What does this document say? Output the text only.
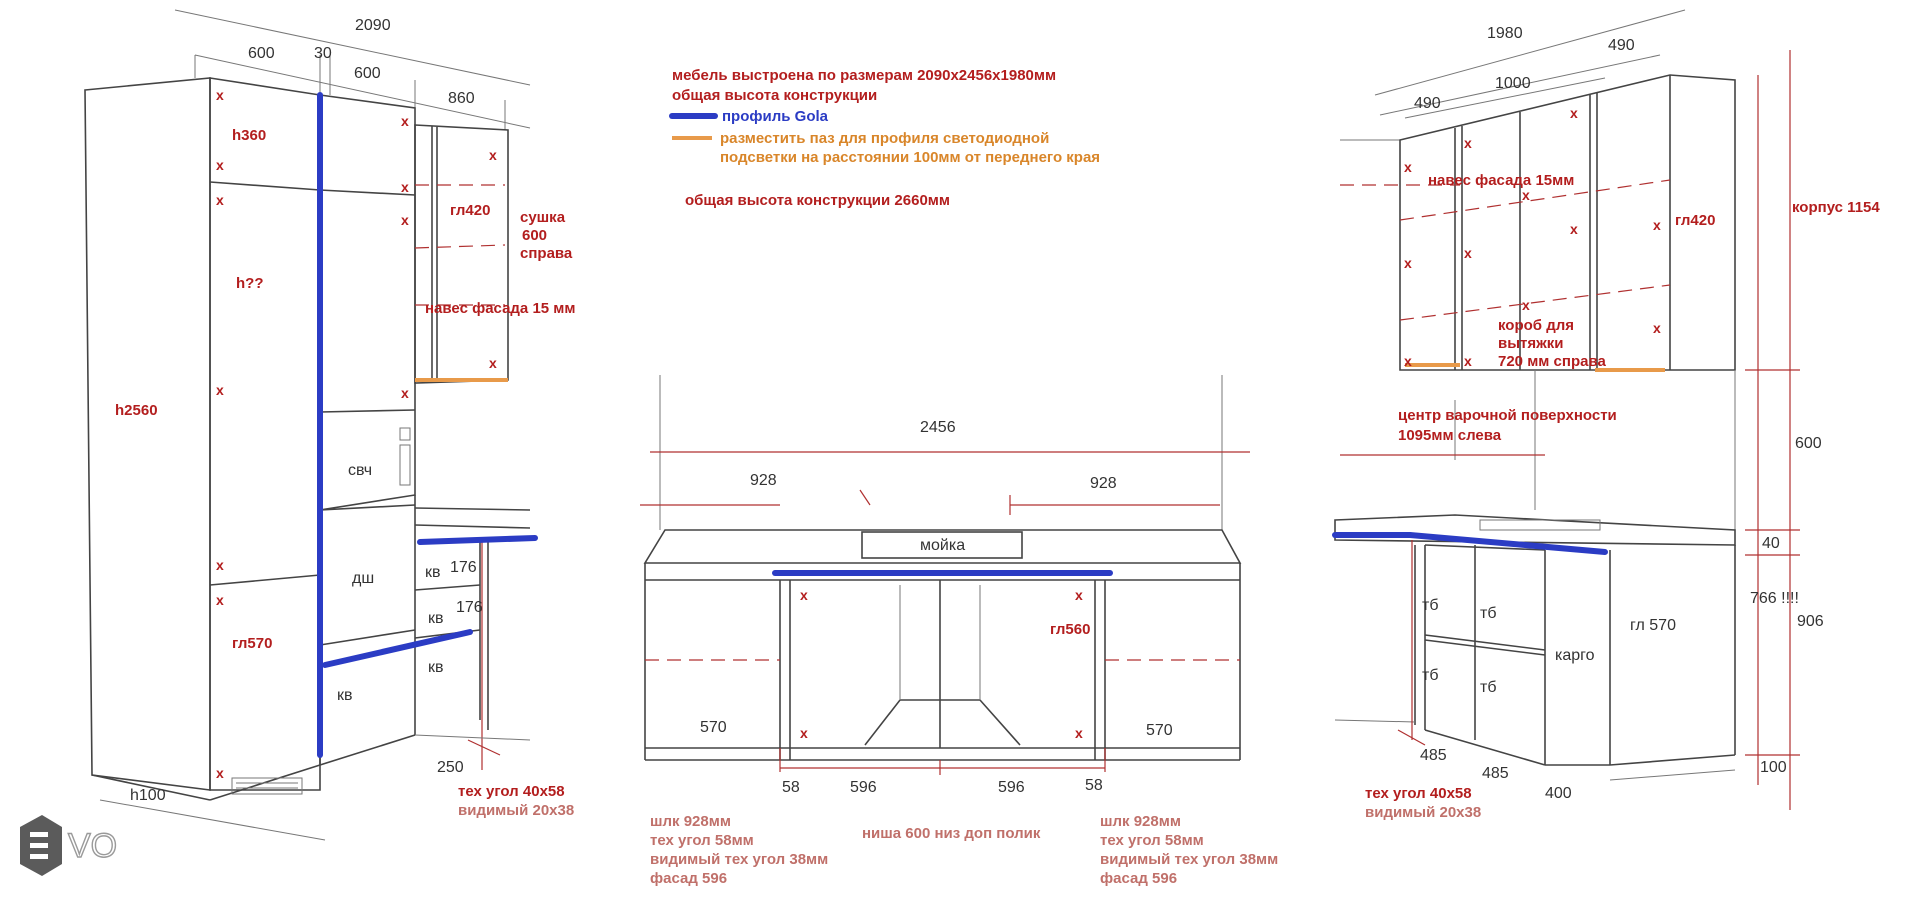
2090
600 30
600
860
h360
h??
h2560
гл570
h100
свч
дш
кв
кв
кв
кв
176
176
гл420 сушка
600
справа
навес фасада 15 мм
250
тех угол 40х58
видимый 20х38
x
x
x
x
x
x
x
x
x
x
x
x
x
2456
928	928
мойка
гл560
570	570
58	596	596	58
шлк 928мм
тех угол 58мм
видимый тех угол 38мм
фасад 596
ниша 600 низ доп полик
шлк 928мм
тех угол 58мм
видимый тех угол 38мм
фасад 596
x
x
x
x
мебель выстроена по размерам 2090x2456x1980мм
общая высота конструкции
профиль Gola
разместить паз для профиля светодиодной
подсветки на расстоянии 100мм от переднего края
общая высота конструкции 2660мм
1980
490
1000
490
навес фасада 15мм
гл420
короб для
вытяжки
720 мм справа
центр варочной поверхности
1095мм слева
корпус 1154
600
40
766 !!!!
906
100
тб	тб
тб
тб
карго
гл 570
485
485
400
тех угол 40х58
видимый 20х38
x
x
x
x
x
x
x
x
x
x	x
x
VO
